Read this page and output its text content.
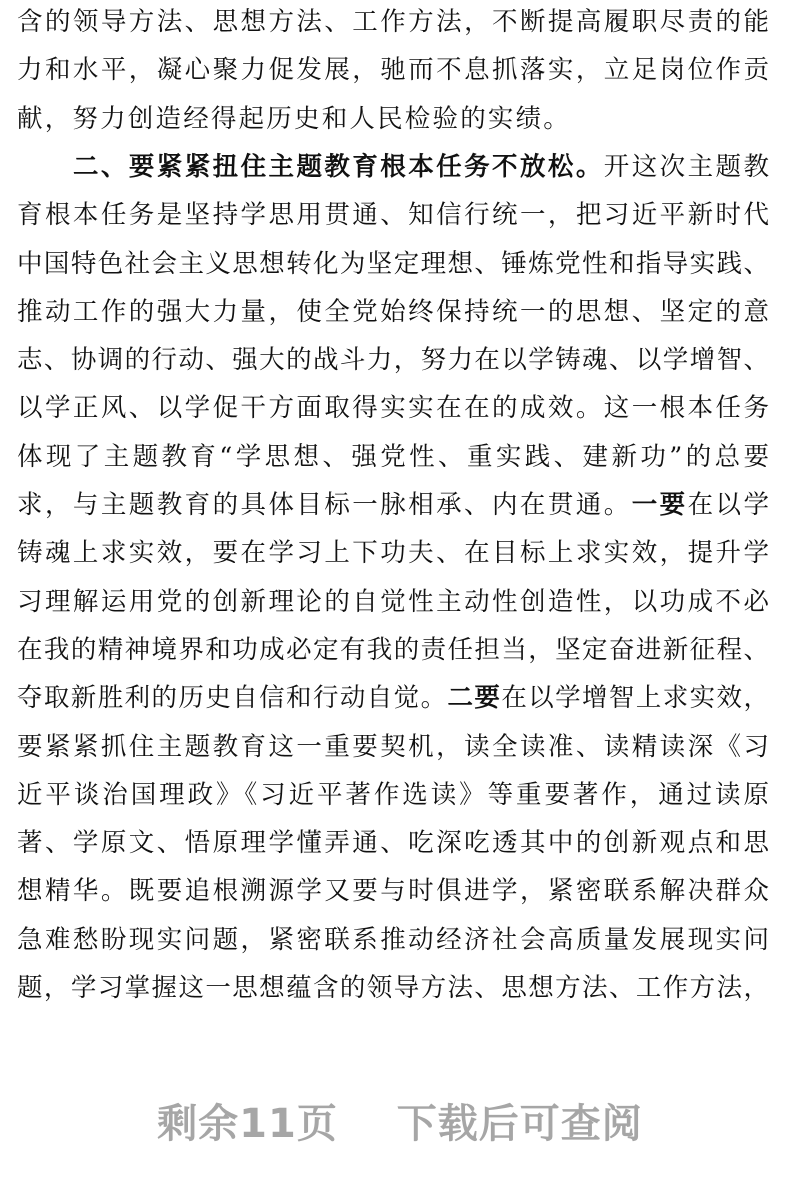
含的领导方法、思想方法、工作方法，不断提高履职尽责的能
力和水平，凝心聚力促发展，驰而不息抓落实，立足岗位作贡
献，努力创造经得起历史和人民检验的实绩。
二、要紧紧扭住主题教育根本任务不放松。开这次主题教
育根本任务是坚持学思用贯通、知信行统一，把习近平新时代
中国特色社会主义思想转化为坚定理想、锤炼党性和指导实践、
推动工作的强大力量，使全党始终保持统一的思想、坚定的意
志、协调的行动、强大的战斗力，努力在以学铸魂、以学增智、
以学正风、以学促干方面取得实实在在的成效。这一根本任务
体现了主题教育“学思想、强党性、重实践、建新功”的总要
求，与主题教育的具体目标一脉相承、内在贯通。一要在以学
铸魂上求实效，要在学习上下功夫、在目标上求实效，提升学
习理解运用党的创新理论的自觉性主动性创造性，以功成不必
在我的精神境界和功成必定有我的责任担当，坚定奋进新征程、
夺取新胜利的历史自信和行动自觉。二要在以学增智上求实效，
要紧紧抓住主题教育这一重要契机，读全读准、读精读深《习
近平谈治国理政》《习近平著作选读》等重要著作，通过读原
著、学原文、悟原理学懂弄通、吃深吃透其中的创新观点和思
想精华。既要追根溯源学又要与时俱进学，紧密联系解决群众
急难愁盼现实问题，紧密联系推动经济社会高质量发展现实问
题，学习掌握这一思想蕴含的领导方法、思想方法、工作方法，
剩余11页 下载后可查阅
